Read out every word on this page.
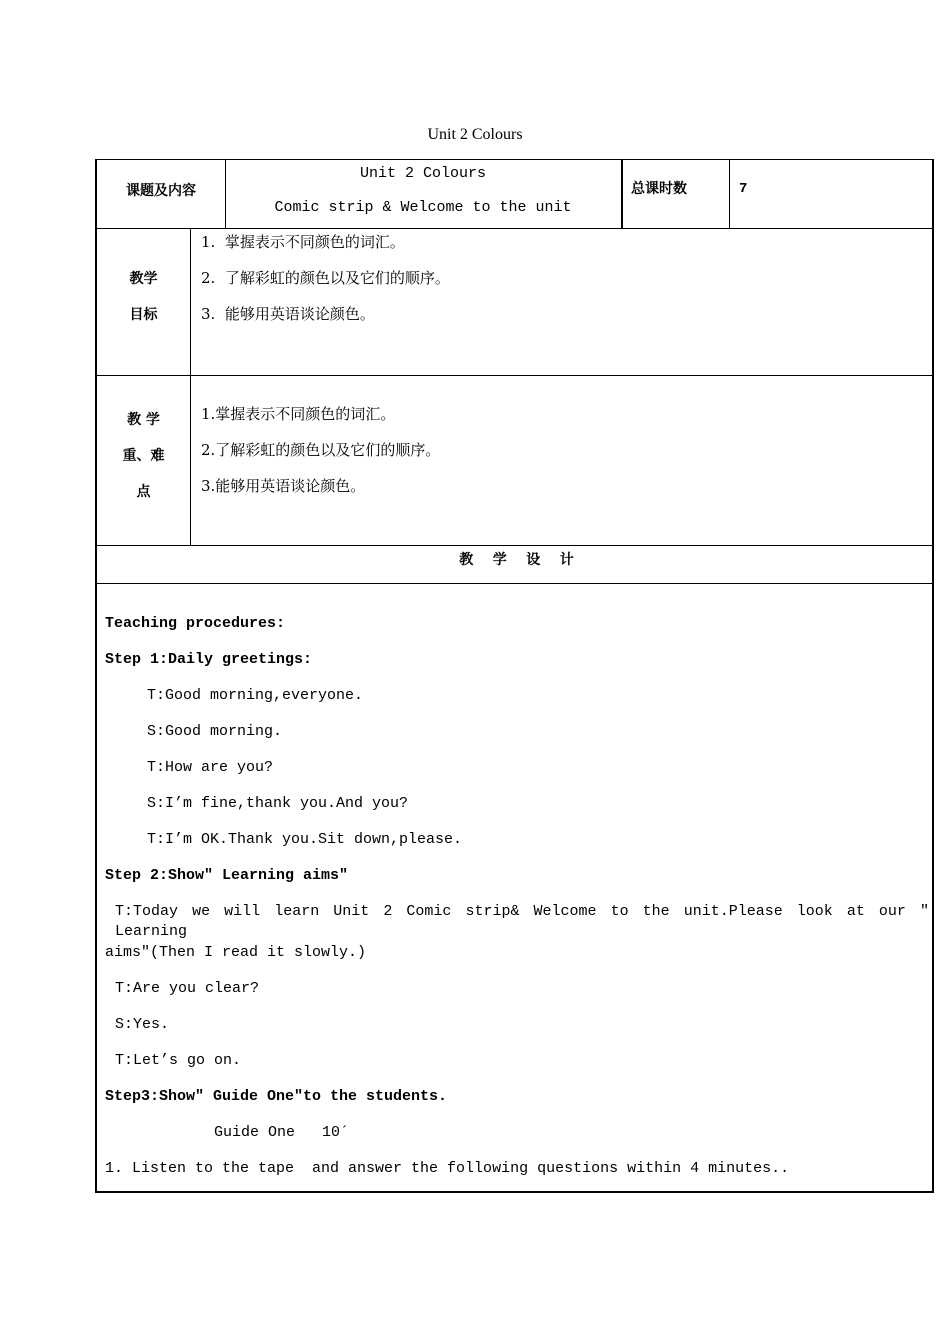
Unit 2 Colours
课题及内容
Unit 2 Colours
Comic strip & Welcome to the unit
总课时数	7
教学
目标
1.  掌握表示不同颜色的词汇。
2.  了解彩虹的颜色以及它们的顺序。
3.  能够用英语谈论颜色。
教 学
重、难
点
1.掌握表示不同颜色的词汇。
2.了解彩虹的颜色以及它们的顺序。
3.能够用英语谈论颜色。
教    学    设    计
Teaching procedures:
Step 1:Daily greetings:
T:Good morning,everyone.
S:Good morning.
T:How are you?
S:I’m fine,thank you.And you?
T:I’m OK.Thank you.Sit down,please.
Step 2:Show″ Learning aims″
T:Today we will learn Unit 2 Comic strip& Welcome to the unit.Please look at our ″ Learning
aims″(Then I read it slowly.)
T:Are you clear?
S:Yes.
T:Let’s go on.
Step3:Show″ Guide One″to the students.
Guide One   10´
1. Listen to the tape  and answer the following questions within 4 minutes..
